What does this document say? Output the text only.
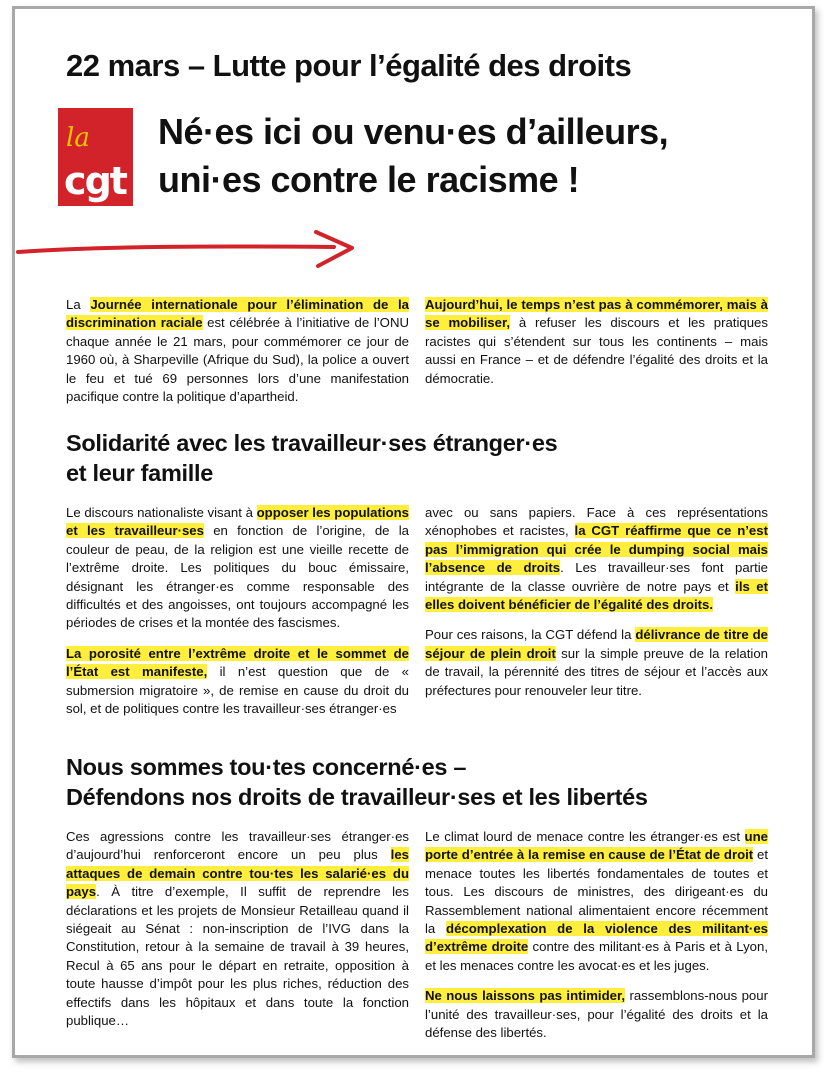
22 mars – Lutte pour l’égalité des droits
la
cgt
Né·es ici ou venu·es d’ailleurs,
uni·es contre le racisme !

La Journée internationale pour l’élimination de la discrimination raciale est célébrée à l’initiative de l’ONU chaque année le 21 mars, pour commémorer ce jour de 1960 où, à Sharpeville (Afrique du Sud), la police a ouvert le feu et tué 69 personnes lors d’une manifestation pacifique contre la politique d’apartheid.

Aujourd’hui, le temps n’est pas à commémorer, mais à se mobiliser, à refuser les discours et les pratiques racistes qui s’étendent sur tous les continents – mais aussi en France – et de défendre l’égalité des droits et la démocratie.

Solidarité avec les travailleur·ses étranger·es
et leur famille

Le discours nationaliste visant à opposer les populations et les travailleur·ses en fonction de l’origine, de la couleur de peau, de la religion est une vieille recette de l’extrême droite. Les politiques du bouc émissaire, désignant les étranger·es comme responsable des difficultés et des angoisses, ont toujours accompagné les périodes de crises et la montée des fascismes.

La porosité entre l’extrême droite et le sommet de l’État est manifeste, il n’est question que de « submersion migratoire », de remise en cause du droit du sol, et de politiques contre les travailleur·ses étranger·es

avec ou sans papiers. Face à ces représentations xénophobes et racistes, la CGT réaffirme que ce n’est pas l’immigration qui crée le dumping social mais l’absence de droits. Les travailleur·ses font partie intégrante de la classe ouvrière de notre pays et ils et elles doivent bénéficier de l’égalité des droits.

Pour ces raisons, la CGT défend la délivrance de titre de séjour de plein droit sur la simple preuve de la relation de travail, la pérennité des titres de séjour et l’accès aux préfectures pour renouveler leur titre.

Nous sommes tou·tes concerné·es –
Défendons nos droits de travailleur·ses et les libertés

Ces agressions contre les travailleur·ses étranger·es d’aujourd’hui renforceront encore un peu plus les attaques de demain contre tou·tes les salarié·es du pays. À titre d’exemple, Il suffit de reprendre les déclarations et les projets de Monsieur Retailleau quand il siégeait au Sénat : non-inscription de l’IVG dans la Constitution, retour à la semaine de travail à 39 heures, Recul à 65 ans pour le départ en retraite, opposition à toute hausse d’impôt pour les plus riches, réduction des effectifs dans les hôpitaux et dans toute la fonction publique…

Le climat lourd de menace contre les étranger·es est une porte d’entrée à la remise en cause de l’État de droit et menace toutes les libertés fondamentales de toutes et tous. Les discours de ministres, des dirigeant·es du Rassemblement national alimentaient encore récemment la décomplexation de la violence des militant·es d’extrême droite contre des militant·es à Paris et à Lyon, et les menaces contre les avocat·es et les juges.

Ne nous laissons pas intimider, rassemblons-nous pour l’unité des travailleur·ses, pour l’égalité des droits et la défense des libertés.
